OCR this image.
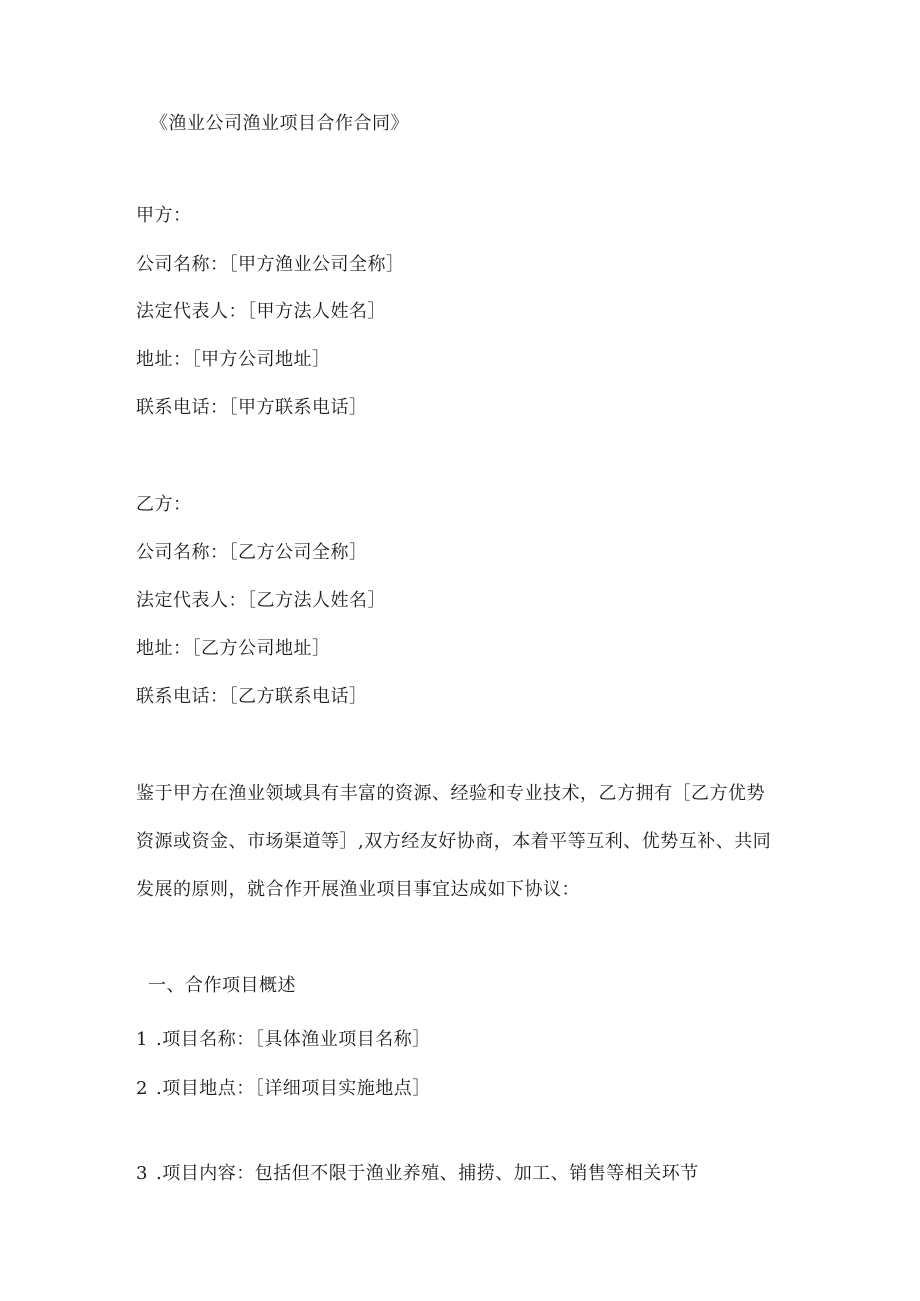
《渔业公司渔业项目合作合同》
甲方：
公司名称：［甲方渔业公司全称］
法定代表人：［甲方法人姓名］
地址：［甲方公司地址］
联系电话：［甲方联系电话］
乙方：
公司名称：［乙方公司全称］
法定代表人：［乙方法人姓名］
地址：［乙方公司地址］
联系电话：［乙方联系电话］
鉴于甲方在渔业领域具有丰富的资源、经验和专业技术，乙方拥有［乙方优势
资源或资金、市场渠道等］,双方经友好协商，本着平等互利、优势互补、共同
发展的原则，就合作开展渔业项目事宜达成如下协议：
一、合作项目概述
1 .项目名称：［具体渔业项目名称］
2 .项目地点：［详细项目实施地点］
3 .项目内容：包括但不限于渔业养殖、捕捞、加工、销售等相关环节
